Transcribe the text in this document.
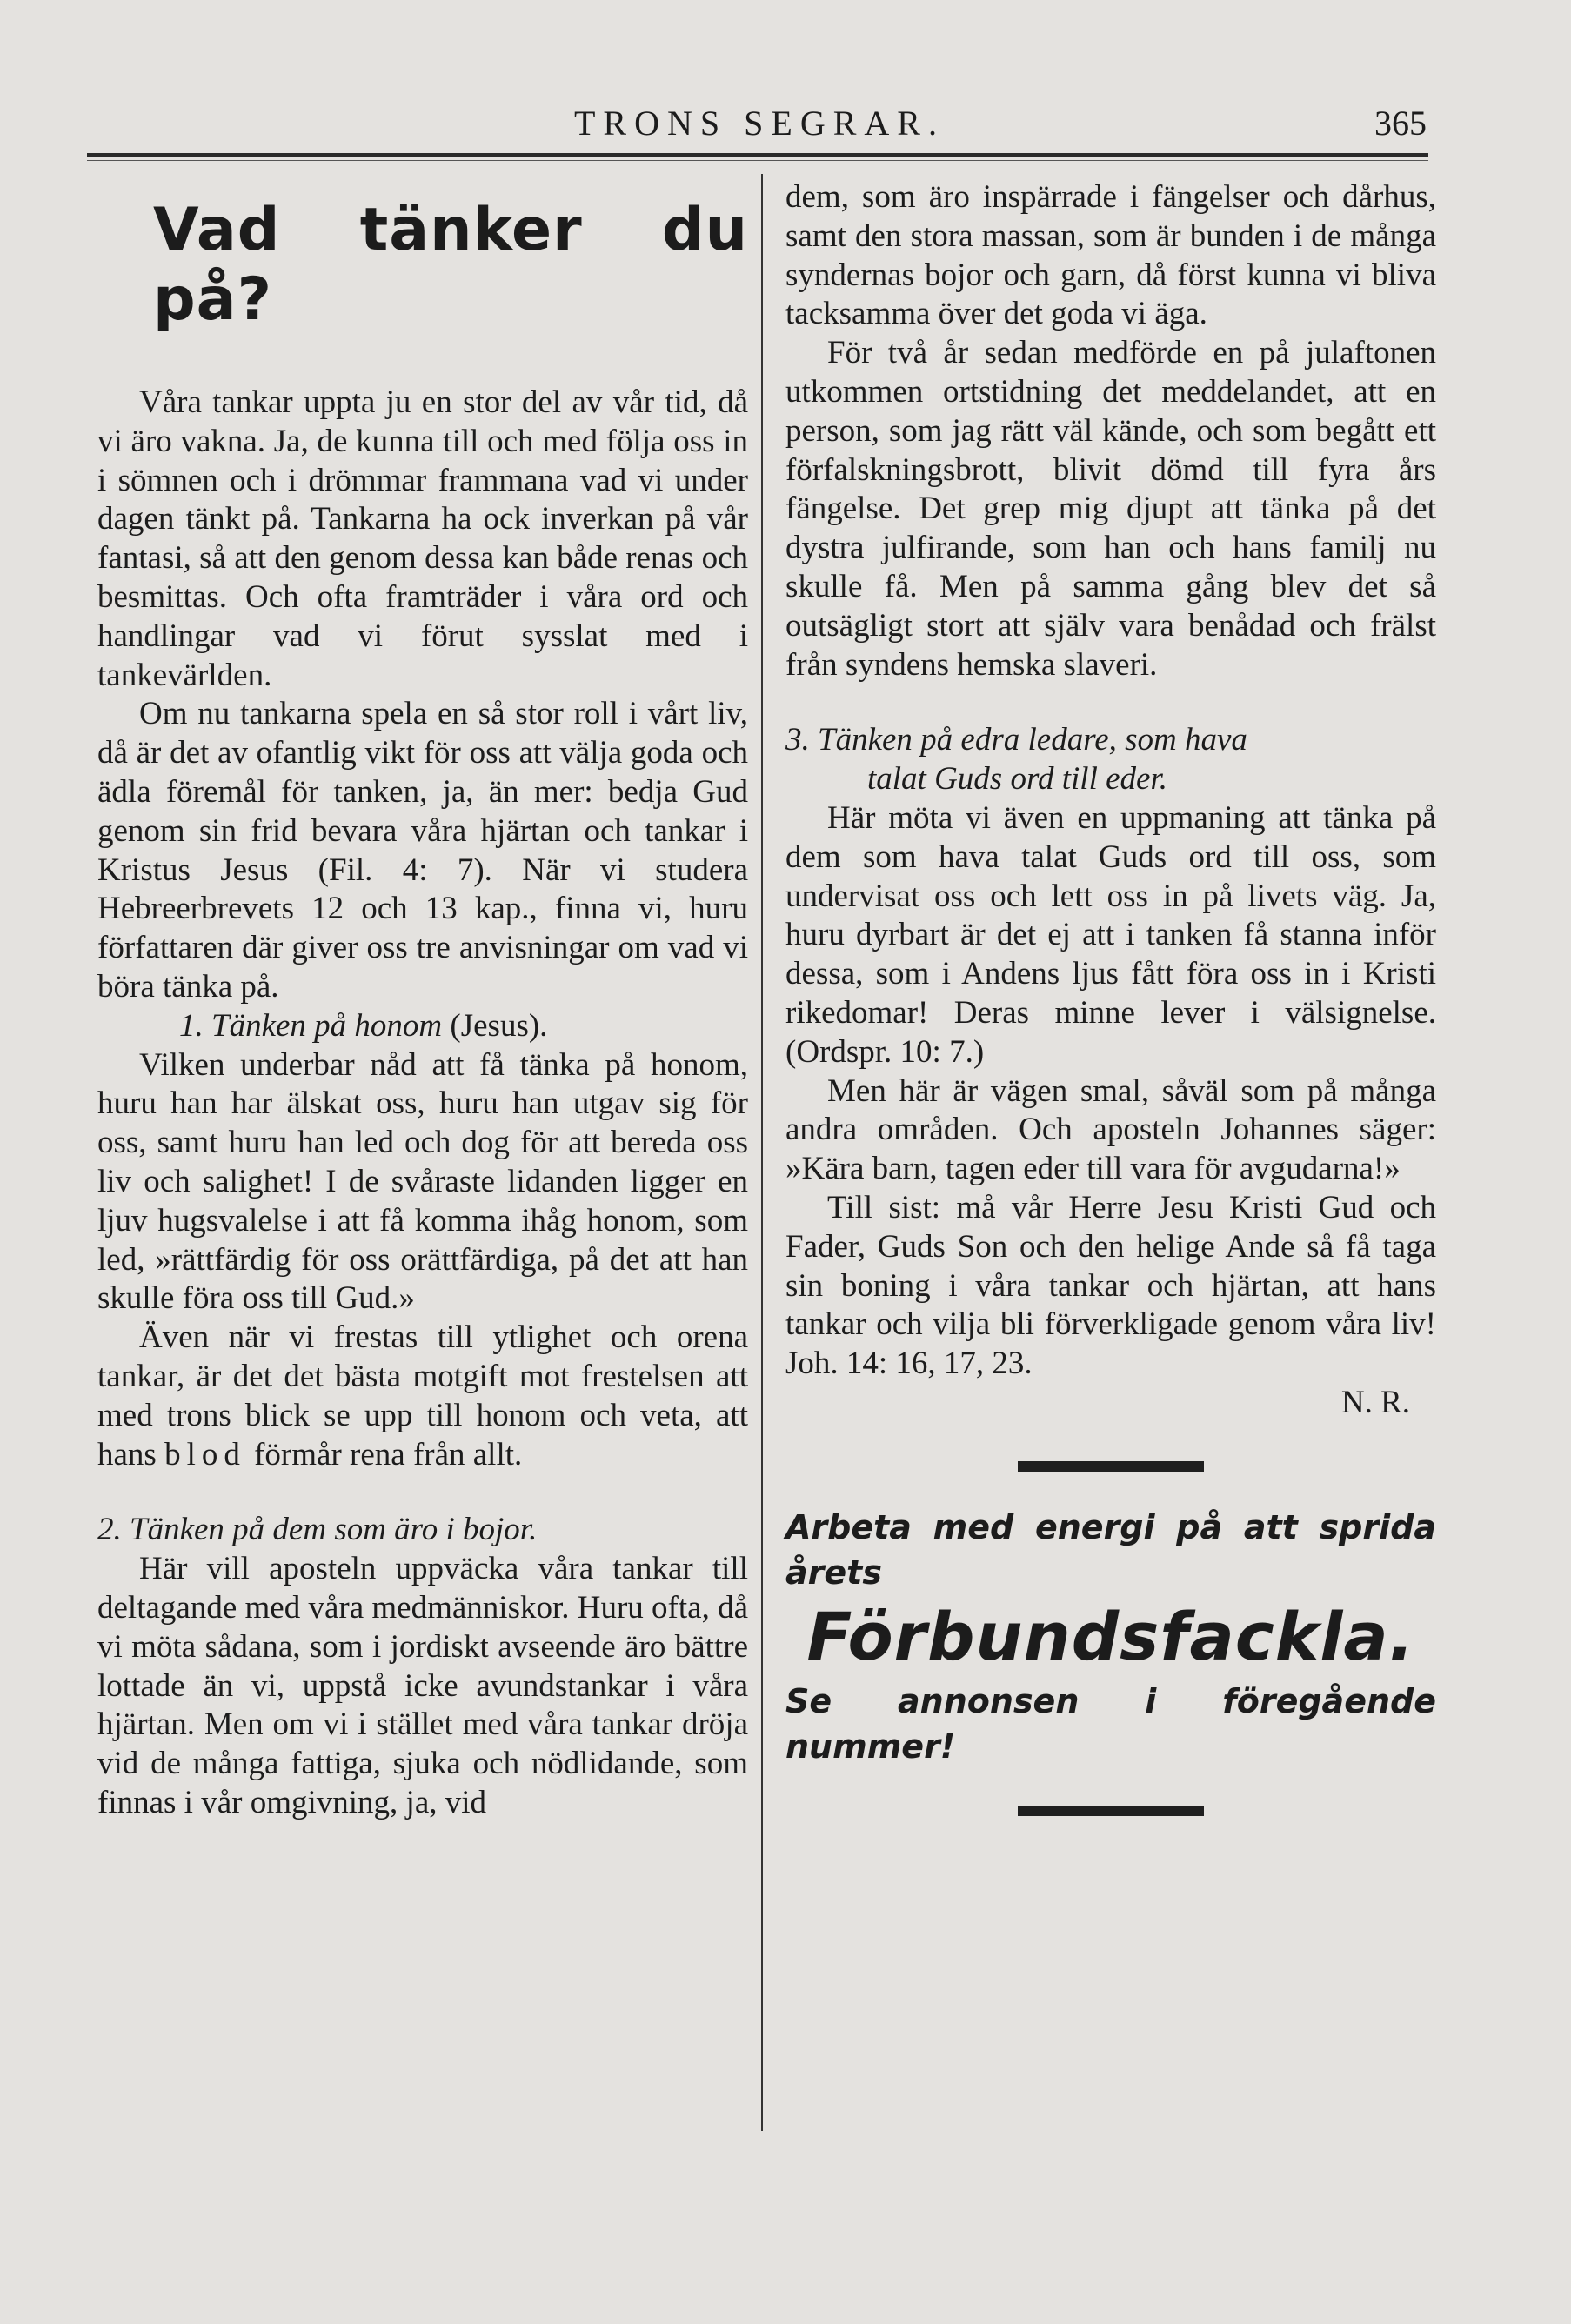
TRONS SEGRAR.	365
Vad tänker du på?

Våra tankar uppta ju en stor del av vår tid, då vi äro vakna. Ja, de kunna till och med följa oss in i sömnen och i drömmar frammana vad vi under dagen tänkt på. Tankarna ha ock inverkan på vår fantasi, så att den genom dessa kan både renas och besmittas. Och ofta framträder i våra ord och handlingar vad vi förut sysslat med i tankevärlden.

Om nu tankarna spela en så stor roll i vårt liv, då är det av ofantlig vikt för oss att välja goda och ädla föremål för tanken, ja, än mer: bedja Gud genom sin frid bevara våra hjärtan och tankar i Kristus Jesus (Fil. 4: 7). När vi studera Hebreerbrevets 12 och 13 kap., finna vi, huru författaren där giver oss tre anvisningar om vad vi böra tänka på.

1. Tänken på honom (Jesus).

Vilken underbar nåd att få tänka på honom, huru han har älskat oss, huru han utgav sig för oss, samt huru han led och dog för att bereda oss liv och salighet! I de svåraste lidanden ligger en ljuv hugsvalelse i att få komma ihåg honom, som led, »rättfärdig för oss orättfärdiga, på det att han skulle föra oss till Gud.»

Även när vi frestas till ytlighet och orena tankar, är det det bästa motgift mot frestelsen att med trons blick se upp till honom och veta, att hans blod förmår rena från allt.

2. Tänken på dem som äro i bojor.

Här vill aposteln uppväcka våra tankar till deltagande med våra medmänniskor. Huru ofta, då vi möta sådana, som i jordiskt avseende äro bättre lottade än vi, uppstå icke avundstankar i våra hjärtan. Men om vi i stället med våra tankar dröja vid de många fattiga, sjuka och nödlidande, som finnas i vår omgivning, ja, vid

dem, som äro inspärrade i fängelser och dårhus, samt den stora massan, som är bunden i de många syndernas bojor och garn, då först kunna vi bliva tacksamma över det goda vi äga.

För två år sedan medförde en på julaftonen utkommen ortstidning det meddelandet, att en person, som jag rätt väl kände, och som begått ett förfalskningsbrott, blivit dömd till fyra års fängelse. Det grep mig djupt att tänka på det dystra julfirande, som han och hans familj nu skulle få. Men på samma gång blev det så outsägligt stort att själv vara benådad och frälst från syndens hemska slaveri.

3. Tänken på edra ledare, som hava
talat Guds ord till eder.

Här möta vi även en uppmaning att tänka på dem som hava talat Guds ord till oss, som undervisat oss och lett oss in på livets väg. Ja, huru dyrbart är det ej att i tanken få stanna inför dessa, som i Andens ljus fått föra oss in i Kristi rikedomar! Deras minne lever i välsignelse. (Ordspr. 10: 7.)

Men här är vägen smal, såväl som på många andra områden. Och aposteln Johannes säger: »Kära barn, tagen eder till vara för avgudarna!»

Till sist: må vår Herre Jesu Kristi Gud och Fader, Guds Son och den helige Ande så få taga sin boning i våra tankar och hjärtan, att hans tankar och vilja bli förverkligade genom våra liv! Joh. 14: 16, 17, 23.

N. R.

Arbeta med energi på att sprida årets
Förbundsfackla.
Se annonsen i föregående nummer!
